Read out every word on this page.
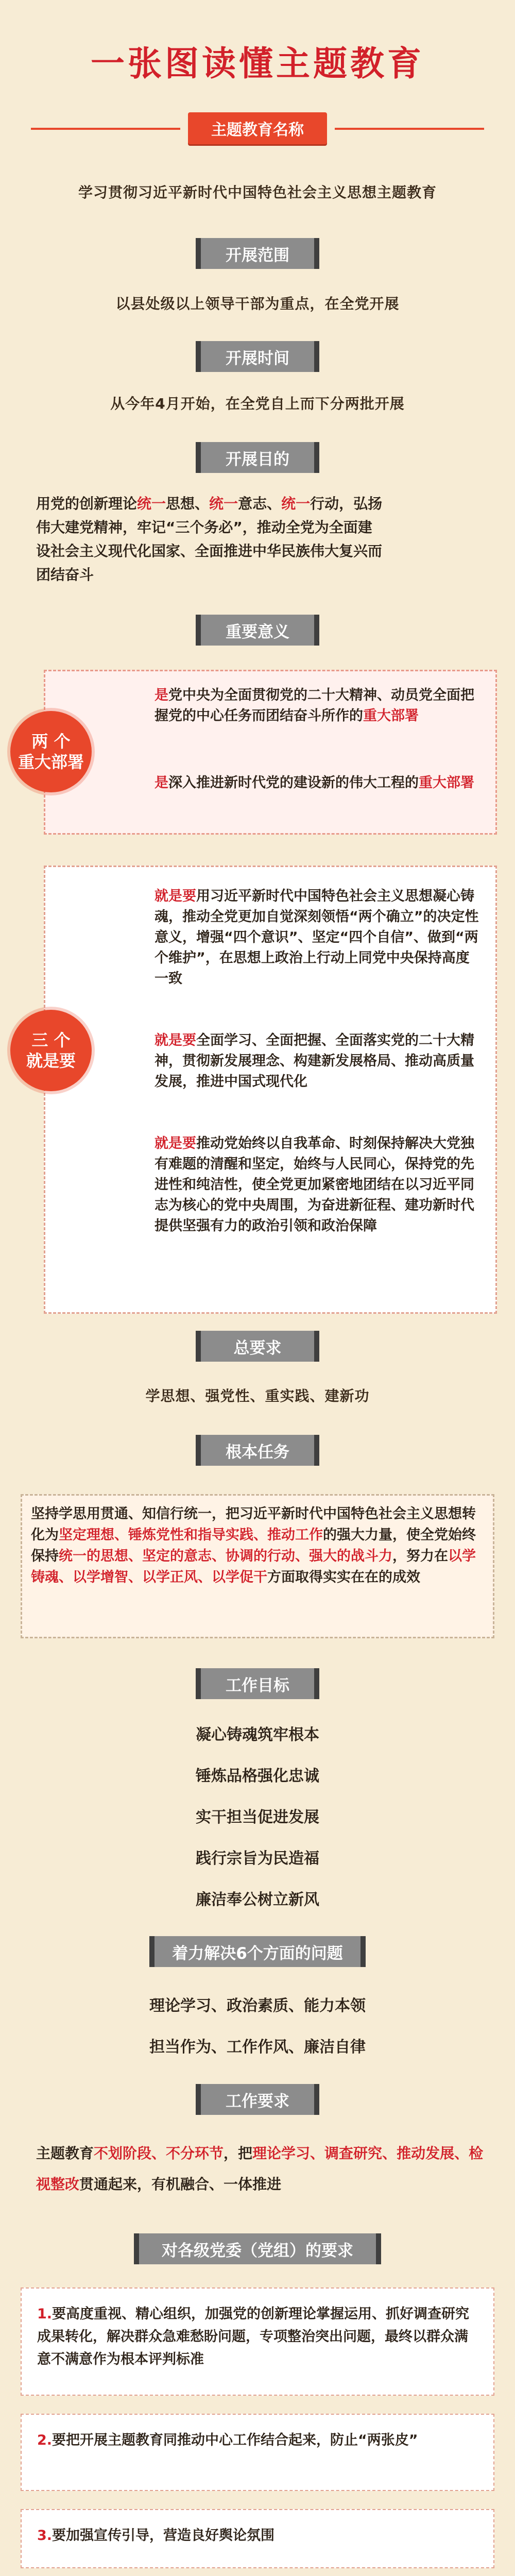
一张图读懂主题教育
主题教育名称
学习贯彻习近平新时代中国特色社会主义思想主题教育
开展范围
以县处级以上领导干部为重点，在全党开展
开展时间
从今年4月开始，在全党自上而下分两批开展
开展目的
用党的创新理论统一思想、统一意志、统一行动，弘扬
伟大建党精神，牢记“三个务必”，推动全党为全面建
设社会主义现代化国家、全面推进中华民族伟大复兴而
团结奋斗
重要意义
两 个
重大部署
是党中央为全面贯彻党的二十大精神、动员党全面把握党的中心任务而团结奋斗所作的重大部署
是深入推进新时代党的建设新的伟大工程的重大部署
三 个
就是要
就是要用习近平新时代中国特色社会主义思想凝心铸魂，推动全党更加自觉深刻领悟“两个确立”的决定性意义，增强“四个意识”、坚定“四个自信”、做到“两个维护”，在思想上政治上行动上同党中央保持高度一致
就是要全面学习、全面把握、全面落实党的二十大精神，贯彻新发展理念、构建新发展格局、推动高质量发展，推进中国式现代化
就是要推动党始终以自我革命、时刻保持解决大党独有难题的清醒和坚定，始终与人民同心，保持党的先进性和纯洁性，使全党更加紧密地团结在以习近平同志为核心的党中央周围，为奋进新征程、建功新时代提供坚强有力的政治引领和政治保障
总要求
学思想、强党性、重实践、建新功
根本任务
坚持学思用贯通、知信行统一，把习近平新时代中国特色社会主义思想转化为坚定理想、锤炼党性和指导实践、推动工作的强大力量，使全党始终保持统一的思想、坚定的意志、协调的行动、强大的战斗力，努力在以学铸魂、以学增智、以学正风、以学促干方面取得实实在在的成效
工作目标
凝心铸魂筑牢根本
锤炼品格强化忠诚
实干担当促进发展
践行宗旨为民造福
廉洁奉公树立新风
着力解决6个方面的问题
理论学习、政治素质、能力本领
担当作为、工作作风、廉洁自律
工作要求
主题教育不划阶段、不分环节，把理论学习、调查研究、推动发展、检视整改贯通起来，有机融合、一体推进
对各级党委（党组）的要求
1.要高度重视、精心组织，加强党的创新理论掌握运用、抓好调查研究成果转化，解决群众急难愁盼问题，专项整治突出问题，最终以群众满意不满意作为根本评判标准
2.要把开展主题教育同推动中心工作结合起来，防止“两张皮”
3.要加强宣传引导，营造良好舆论氛围
